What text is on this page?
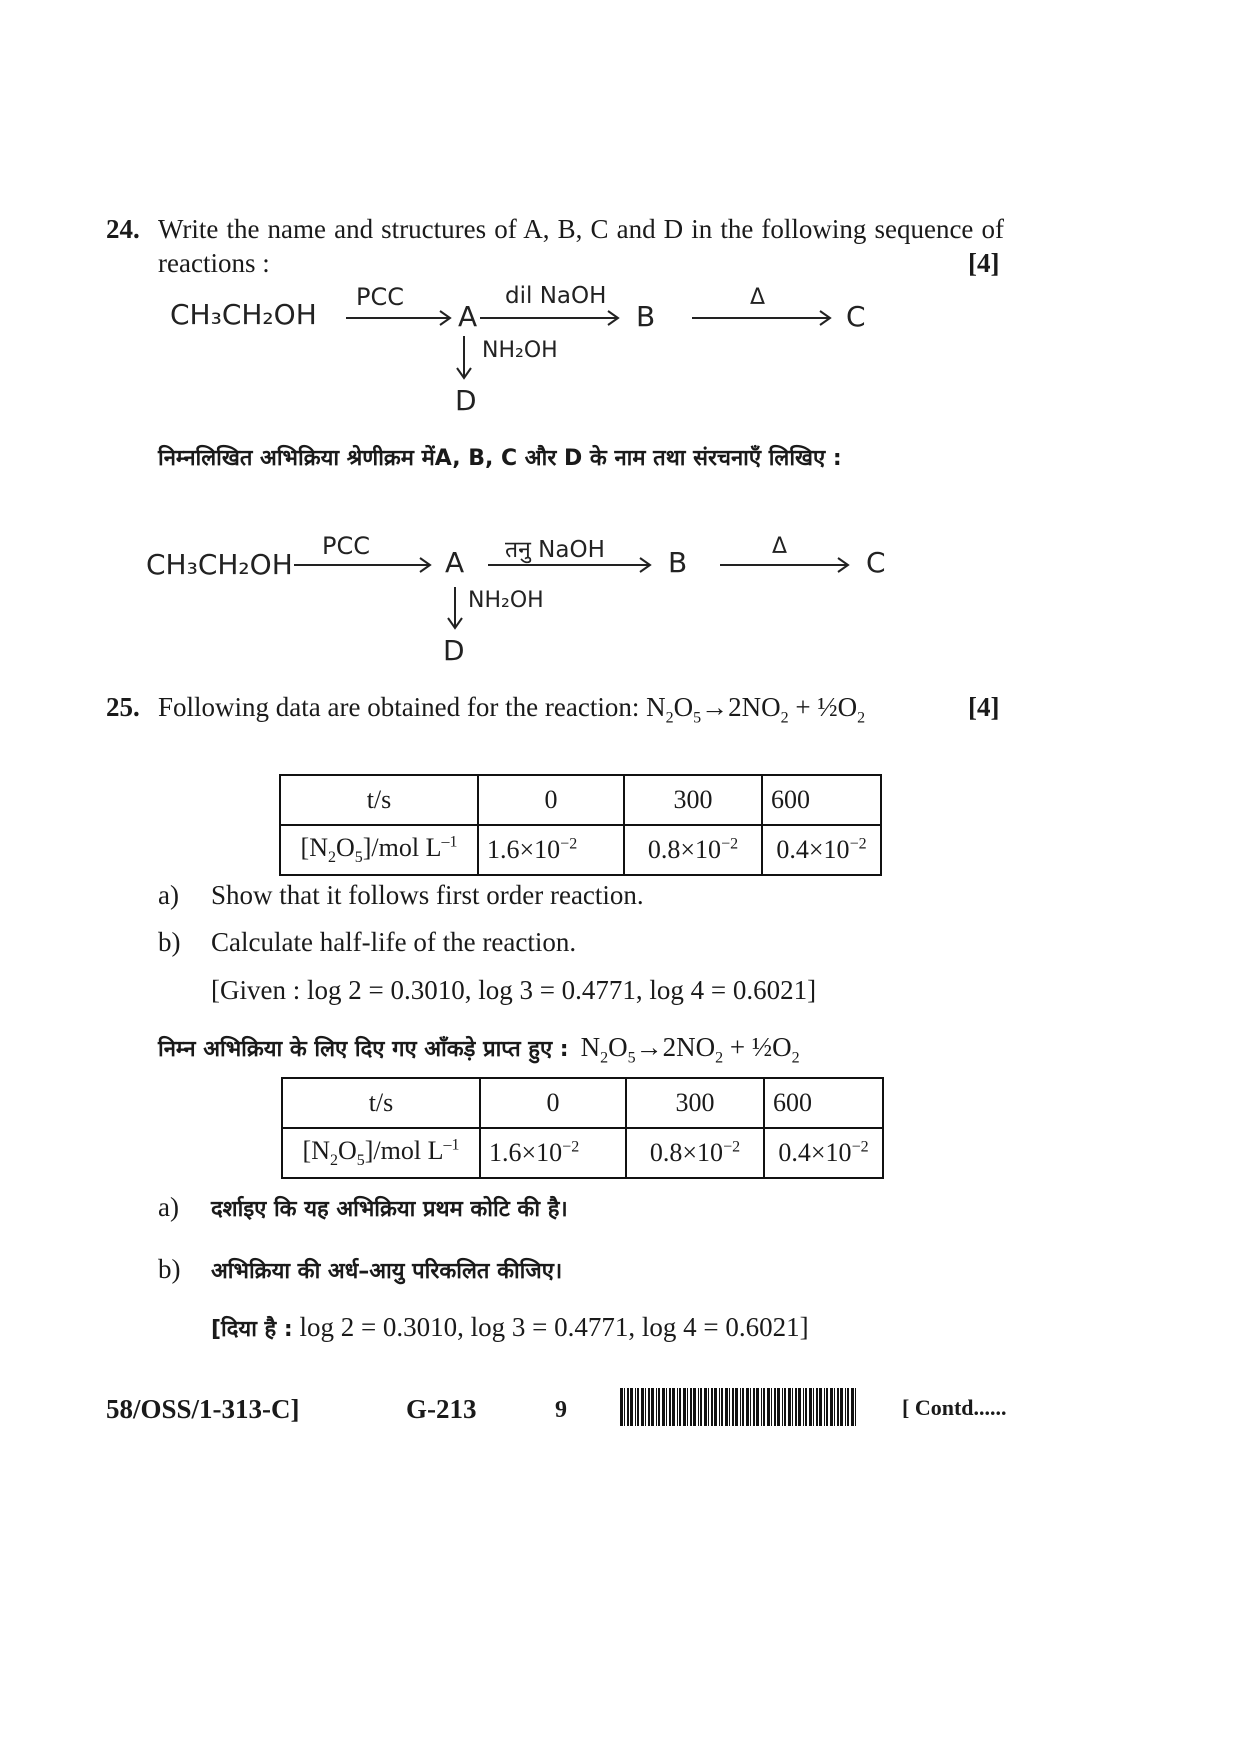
24. Write the name and structures of A, B, C and D in the following sequence of
reactions :	[4]
CH₃CH₂OH
PCC
A
dil NaOH
B
Δ
C
NH₂OH
D
निम्नलिखित अभिक्रिया श्रेणीक्रम मेंA, B, C और D के नाम तथा संरचनाएँ लिखिए :
CH₃CH₂OH
PCC	A तनु NaOH B	Δ	C
NH₂OH
D
25. Following data are obtained for the reaction: $N_2O_5\to 2NO_2$ + $\frac{1}{2}O_2$	[4]
t/s	0	300	600
$[N_2O_5]$/mol $L^{-1}$	$1.6\times 10^{-2}$	$0.8\times 10^{-2}$	$0.4\times 10^{-2}$
a) Show that it follows first order reaction.
b) Calculate half-life of the reaction.
[Given : log 2 = 0.3010, log 3 = 0.4771, log 4 = 0.6021]
निम्न अभिक्रिया के लिए दिए गए आँकड़े प्राप्त हुए : $N_2O_5\to 2NO_2$ + $\frac{1}{2}O_2$
t/s	0	300	600
$[N_2O_5]$/mol $L^{-1}$	$1.6\times 10^{-2}$	$0.8\times 10^{-2}$	$0.4\times 10^{-2}$
a) दर्शाइए कि यह अभिक्रिया प्रथम कोटि की है।
b) अभिक्रिया की अर्ध–आयु परिकलित कीजिए।
[दिया है : log 2 = 0.3010, log 3 = 0.4771, log 4 = 0.6021]
58/OSS/1-313-C]	G-213	9	[ Contd......
